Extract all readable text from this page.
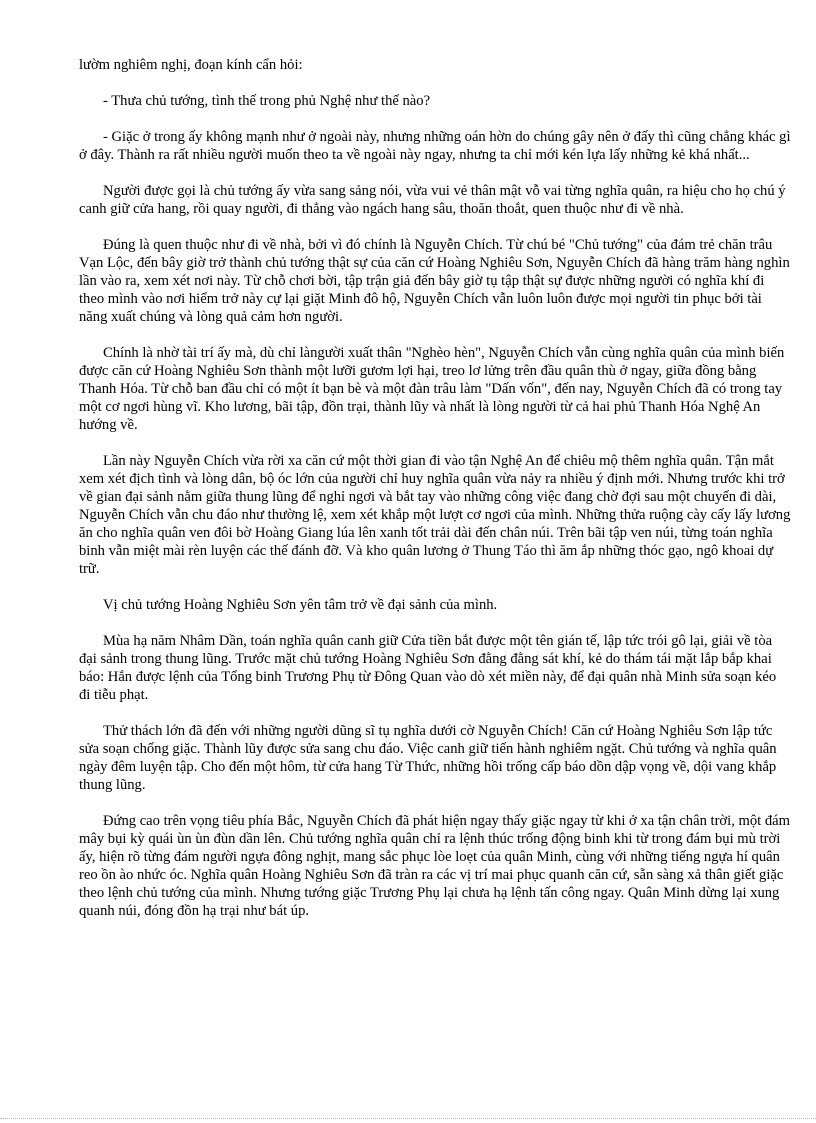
lườm nghiêm nghị, đoạn kính cẩn hỏi:

- Thưa chủ tướng, tình thế trong phủ Nghệ như thế nào?

- Giặc ở trong ấy không mạnh như ở ngoài này, nhưng những oán hờn do chúng gây nên ở đấy thì cũng chẳng khác gì ở đây. Thành ra rất nhiều người muốn theo ta về ngoài này ngay, nhưng ta chỉ mới kén lựa lấy những kẻ khá nhất...

Người được gọi là chủ tướng ấy vừa sang sảng nói, vừa vui vẻ thân mật vỗ vai từng nghĩa quân, ra hiệu cho họ chú ý canh giữ cửa hang, rồi quay người, đi thẳng vào ngách hang sâu, thoăn thoắt, quen thuộc như đi về nhà.

Đúng là quen thuộc như đi về nhà, bởi vì đó chính là Nguyễn Chích. Từ chú bé "Chủ tướng" của đám trẻ chăn trâu Vạn Lộc, đến bây giờ trở thành chủ tướng thật sự của căn cứ Hoàng Nghiêu Sơn, Nguyễn Chích đã hàng trăm hàng nghìn lần vào ra, xem xét nơi này. Từ chỗ chơi bời, tập trận giả đến bây giờ tụ tập thật sự được những người có nghĩa khí đi theo mình vào nơi hiểm trở này cự lại giặt Minh đô hộ, Nguyễn Chích vẫn luôn luôn được mọi người tin phục bởi tài năng xuất chúng và lòng quả cảm hơn người.

Chính là nhờ tài trí ấy mà, dù chỉ làngười xuất thân "Nghèo hèn", Nguyễn Chích vẫn cùng nghĩa quân của mình biến được căn cứ Hoàng Nghiêu Sơn thành một lưỡi gươm lợi hại, treo lơ lửng trên đầu quân thù ở ngay, giữa đồng bằng Thanh Hóa. Từ chỗ ban đầu chỉ có một ít bạn bè và một đàn trâu làm "Dấn vốn", đến nay, Nguyễn Chích đã có trong tay một cơ ngơi hùng vĩ. Kho lương, bãi tập, đồn trại, thành lũy và nhất là lòng người từ cả hai phủ Thanh Hóa Nghệ An hướng về.

Lần này Nguyễn Chích vừa rời xa căn cứ một thời gian đi vào tận Nghệ An để chiêu mộ thêm nghĩa quân. Tận mắt xem xét địch tình và lòng dân, bộ óc lớn của người chỉ huy nghĩa quân vừa nảy ra nhiều ý định mới. Nhưng trước khi trở về gian đại sảnh nằm giữa thung lũng để nghỉ ngơi và bắt tay vào những công việc đang chờ đợi sau một chuyến đi dài, Nguyễn Chích vẫn chu đáo như thường lệ, xem xét khắp một lượt cơ ngơi của mình. Những thửa ruộng cày cấy lấy lương ăn cho nghĩa quân ven đôi bờ Hoàng Giang lúa lên xanh tốt trải dài đến chân núi. Trên bãi tập ven núi, từng toán nghĩa binh vẫn miệt mài rèn luyện các thế đánh đỡ. Và kho quân lương ở Thung Táo thì ăm ắp những thóc gạo, ngô khoai dự trữ.

Vị chủ tướng Hoàng Nghiêu Sơn yên tâm trở về đại sảnh của mình.

Mùa hạ năm Nhâm Dần, toán nghĩa quân canh giữ Cửa tiền bắt được một tên gián tế, lập tức trói gô lại, giải về tòa đại sảnh trong thung lũng. Trước mặt chủ tướng Hoàng Nghiêu Sơn đằng đằng sát khí, kẻ do thám tái mặt lắp bắp khai báo: Hắn được lệnh của Tổng binh Trương Phụ từ Đông Quan vào dò xét miền này, để đại quân nhà Minh sửa soạn kéo đi tiễu phạt.

Thử thách lớn đã đến với những người dũng sĩ tụ nghĩa dưới cờ Nguyễn Chích! Căn cứ Hoàng Nghiêu Sơn lập tức sửa soạn chống giặc. Thành lũy được sửa sang chu đáo. Việc canh giữ tiến hành nghiêm ngặt. Chủ tướng và nghĩa quân ngày đêm luyện tập. Cho đến một hôm, từ cửa hang Từ Thức, những hồi trống cấp báo dồn dập vọng về, dội vang khắp thung lũng.

Đứng cao trên vọng tiêu phía Bắc, Nguyễn Chích đã phát hiện ngay thấy giặc ngay từ khi ở xa tận chân trời, một đám mây bụi kỳ quái ùn ùn đùn dần lên. Chủ tướng nghĩa quân chỉ ra lệnh thúc trống động binh khi từ trong đám bụi mù trời ấy, hiện rõ từng đám người ngựa đông nghịt, mang sắc phục lòe loẹt của quân Minh, cùng với những tiếng ngựa hí quân reo ồn ào nhức óc. Nghĩa quân Hoàng Nghiêu Sơn đã tràn ra các vị trí mai phục quanh căn cứ, sẵn sàng xả thân giết giặc theo lệnh chủ tướng của mình. Nhưng tướng giặc Trương Phụ lại chưa hạ lệnh tấn công ngay. Quân Minh dừng lại xung quanh núi, đóng đồn hạ trại như bát úp.
